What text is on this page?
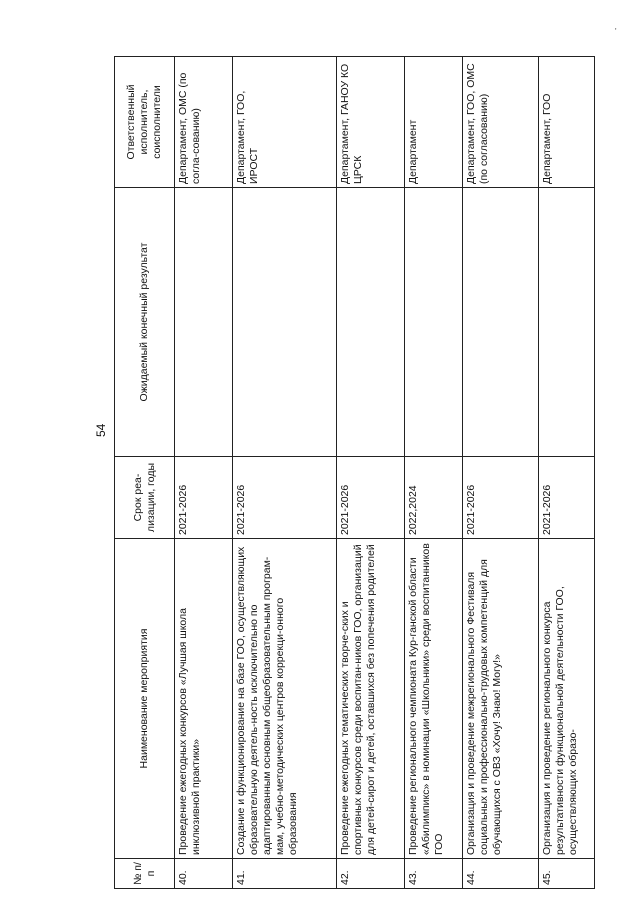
'
54
№ п/п	Наименование мероприятия	Срок реа-лизации, годы	Ожидаемый конечный результат	Ответственный исполнитель, соисполнители
40.	Проведение ежегодных конкурсов «Лучшая школа инклюзивной практики»	2021-2026		Департамент, ОМС (по согла-сованию)
41.	Создание и функционирование на базе ГОО, осуществляющих образовательную деятель-ность исключительно по адаптированным основным общеобразовательным програм-мам, учебно-методических центров коррекци-онного образования	2021-2026		Департамент, ГОО, ИРОСТ
42.	Проведение ежегодных тематических творче-ских и спортивных конкурсов среди воспитан-ников ГОО, организаций для детей-сирот и детей, оставшихся без попечения родителей	2021-2026		Департамент, ГАНОУ КО ЦРСК
43.	Проведение регионального чемпионата Кур-ганской области «Абилимпикс» в номинации «Школьники» среди воспитанников ГОО	2022,2024		Департамент
44.	Организация и проведение межрегионального Фестиваля социальных и профессионально-трудовых компетенций для обучающихся с ОВЗ «Хочу! Знаю! Могу!»	2021-2026		Департамент, ГОО, ОМС (по согласованию)
45.	Организация и проведение регионального конкурса результативности функциональной деятельности ГОО, осуществляющих образо-	2021-2026		Департамент, ГОО
